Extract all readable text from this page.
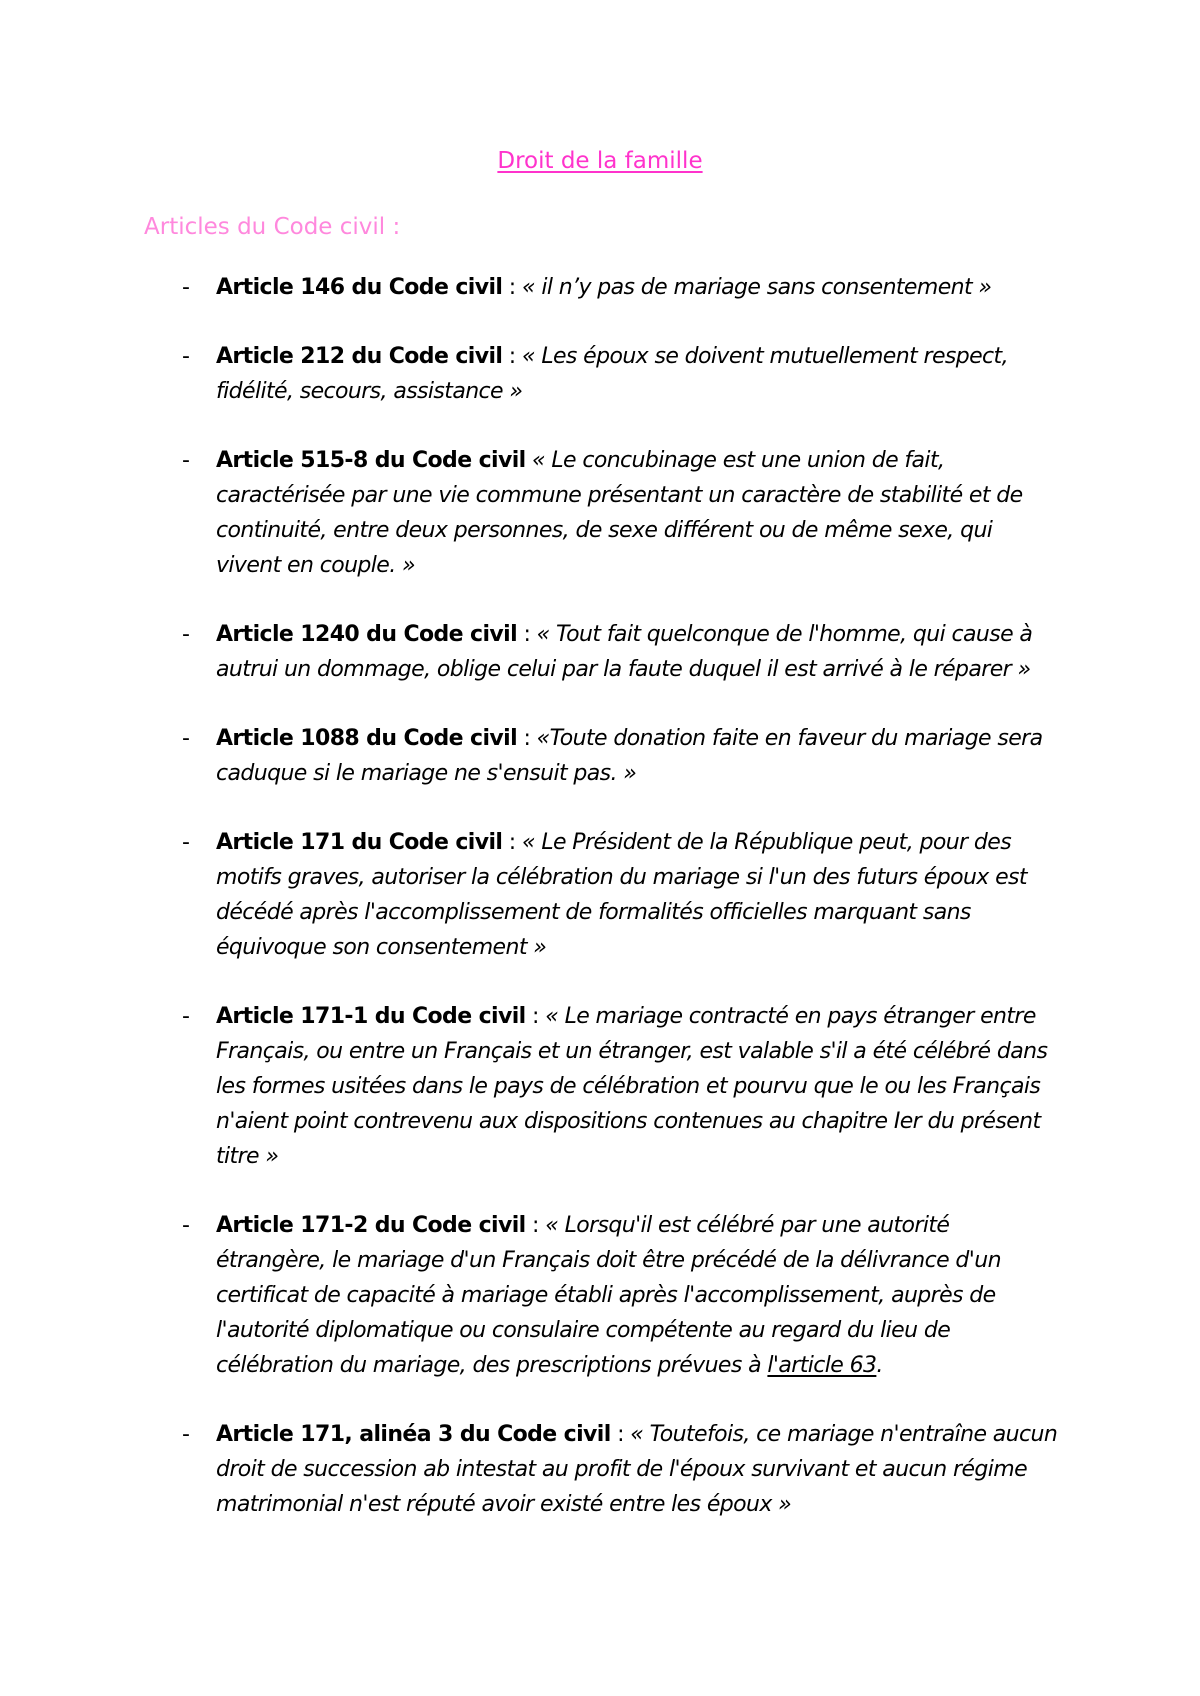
Droit de la famille
Articles du Code civil :
-	Article 146 du Code civil : « il n’y pas de mariage sans consentement »
-	Article 212 du Code civil : « Les époux se doivent mutuellement respect, fidélité, secours, assistance »
-	Article 515-8 du Code civil « Le concubinage est une union de fait, caractérisée par une vie commune présentant un caractère de stabilité et de continuité, entre deux personnes, de sexe différent ou de même sexe, qui vivent en couple. »
-	Article 1240 du Code civil : « Tout fait quelconque de l'homme, qui cause à autrui un dommage, oblige celui par la faute duquel il est arrivé à le réparer »
-	Article 1088 du Code civil : «Toute donation faite en faveur du mariage sera caduque si le mariage ne s'ensuit pas. »
-	Article 171 du Code civil : « Le Président de la République peut, pour des motifs graves, autoriser la célébration du mariage si l'un des futurs époux est décédé après l'accomplissement de formalités officielles marquant sans équivoque son consentement »
-	Article 171-1 du Code civil : « Le mariage contracté en pays étranger entre Français, ou entre un Français et un étranger, est valable s'il a été célébré dans les formes usitées dans le pays de célébration et pourvu que le ou les Français n'aient point contrevenu aux dispositions contenues au chapitre Ier du présent titre »
-	Article 171-2 du Code civil : « Lorsqu'il est célébré par une autorité étrangère, le mariage d'un Français doit être précédé de la délivrance d'un certificat de capacité à mariage établi après l'accomplissement, auprès de l'autorité diplomatique ou consulaire compétente au regard du lieu de célébration du mariage, des prescriptions prévues à l'article 63.
-	Article 171, alinéa 3 du Code civil : « Toutefois, ce mariage n'entraîne aucun droit de succession ab intestat au profit de l'époux survivant et aucun régime matrimonial n'est réputé avoir existé entre les époux »
